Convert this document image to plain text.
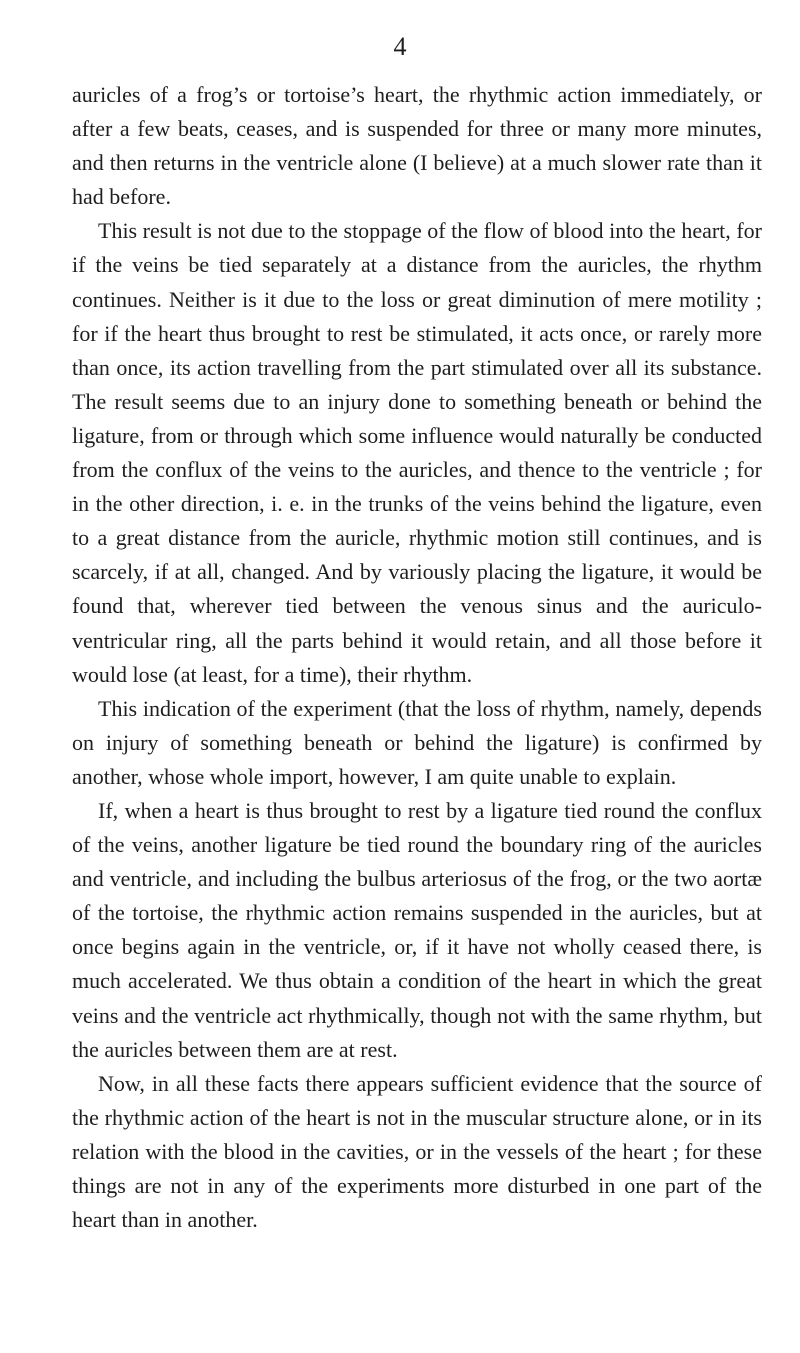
4

auricles of a frog’s or tortoise’s heart, the rhythmic action immediately, or after a few beats, ceases, and is suspended for three or many more minutes, and then returns in the ventricle alone (I believe) at a much slower rate than it had before.

This result is not due to the stoppage of the flow of blood into the heart, for if the veins be tied separately at a distance from the auricles, the rhythm continues. Neither is it due to the loss or great diminution of mere motility ; for if the heart thus brought to rest be stimulated, it acts once, or rarely more than once, its action travelling from the part stimulated over all its substance. The result seems due to an injury done to something beneath or behind the ligature, from or through which some influence would naturally be conducted from the conflux of the veins to the auricles, and thence to the ventricle ; for in the other direction, i. e. in the trunks of the veins behind the ligature, even to a great distance from the auricle, rhythmic motion still continues, and is scarcely, if at all, changed. And by variously placing the ligature, it would be found that, wherever tied between the venous sinus and the auriculo-ventricular ring, all the parts behind it would retain, and all those before it would lose (at least, for a time), their rhythm.

This indication of the experiment (that the loss of rhythm, namely, depends on injury of something beneath or behind the ligature) is confirmed by another, whose whole import, however, I am quite unable to explain.

If, when a heart is thus brought to rest by a ligature tied round the conflux of the veins, another ligature be tied round the boundary ring of the auricles and ventricle, and including the bulbus arteriosus of the frog, or the two aortæ of the tortoise, the rhythmic action remains suspended in the auricles, but at once begins again in the ventricle, or, if it have not wholly ceased there, is much accelerated. We thus obtain a condition of the heart in which the great veins and the ventricle act rhythmically, though not with the same rhythm, but the auricles between them are at rest.

Now, in all these facts there appears sufficient evidence that the source of the rhythmic action of the heart is not in the muscular structure alone, or in its relation with the blood in the cavities, or in the vessels of the heart ; for these things are not in any of the experiments more disturbed in one part of the heart than in another.
